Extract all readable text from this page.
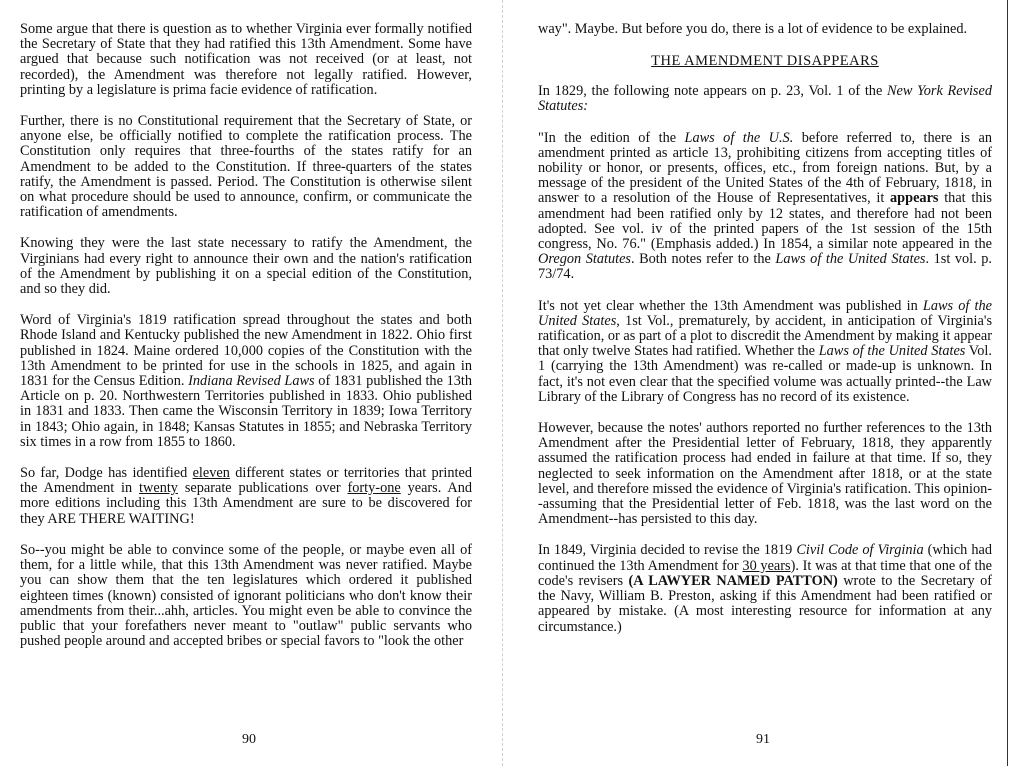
Some argue that there is question as to whether Virginia ever formally notified the Secretary of State that they had ratified this 13th Amendment. Some have argued that because such notification was not received (or at least, not recorded), the Amendment was therefore not legally ratified. However, printing by a legislature is prima facie evidence of ratification.

Further, there is no Constitutional requirement that the Secretary of State, or anyone else, be officially notified to complete the ratification process. The Constitution only requires that three-fourths of the states ratify for an Amendment to be added to the Constitution. If three-quarters of the states ratify, the Amendment is passed. Period. The Constitution is otherwise silent on what procedure should be used to announce, confirm, or communicate the ratification of amendments.

Knowing they were the last state necessary to ratify the Amendment, the Virginians had every right to announce their own and the nation's ratification of the Amendment by publishing it on a special edition of the Constitution, and so they did.

Word of Virginia's 1819 ratification spread throughout the states and both Rhode Island and Kentucky published the new Amendment in 1822. Ohio first published in 1824. Maine ordered 10,000 copies of the Constitution with the 13th Amendment to be printed for use in the schools in 1825, and again in 1831 for the Census Edition. Indiana Revised Laws of 1831 published the 13th Article on p. 20. Northwestern Territories published in 1833. Ohio published in 1831 and 1833. Then came the Wisconsin Territory in 1839; Iowa Territory in 1843; Ohio again, in 1848; Kansas Statutes in 1855; and Nebraska Territory six times in a row from 1855 to 1860.

So far, Dodge has identified eleven different states or territories that printed the Amendment in twenty separate publications over forty-one years. And more editions including this 13th Amendment are sure to be discovered for they ARE THERE WAITING!

So--you might be able to convince some of the people, or maybe even all of them, for a little while, that this 13th Amendment was never ratified. Maybe you can show them that the ten legislatures which ordered it published eighteen times (known) consisted of ignorant politicians who don't know their amendments from their...ahh, articles. You might even be able to convince the public that your forefathers never meant to "outlaw" public servants who pushed people around and accepted bribes or special favors to "look the other

90

way". Maybe. But before you do, there is a lot of evidence to be explained.

THE AMENDMENT DISAPPEARS

In 1829, the following note appears on p. 23, Vol. 1 of the New York Revised Statutes:

"In the edition of the Laws of the U.S. before referred to, there is an amendment printed as article 13, prohibiting citizens from accepting titles of nobility or honor, or presents, offices, etc., from foreign nations. But, by a message of the president of the United States of the 4th of February, 1818, in answer to a resolution of the House of Representatives, it appears that this amendment had been ratified only by 12 states, and therefore had not been adopted. See vol. iv of the printed papers of the 1st session of the 15th congress, No. 76." (Emphasis added.) In 1854, a similar note appeared in the Oregon Statutes. Both notes refer to the Laws of the United States. 1st vol. p. 73/74.

It's not yet clear whether the 13th Amendment was published in Laws of the United States, 1st Vol., prematurely, by accident, in anticipation of Virginia's ratification, or as part of a plot to discredit the Amendment by making it appear that only twelve States had ratified. Whether the Laws of the United States Vol. 1 (carrying the 13th Amendment) was re-called or made-up is unknown. In fact, it's not even clear that the specified volume was actually printed--the Law Library of the Library of Congress has no record of its existence.

However, because the notes' authors reported no further references to the 13th Amendment after the Presidential letter of February, 1818, they apparently assumed the ratification process had ended in failure at that time. If so, they neglected to seek information on the Amendment after 1818, or at the state level, and therefore missed the evidence of Virginia's ratification. This opinion--assuming that the Presidential letter of Feb. 1818, was the last word on the Amendment--has persisted to this day.

In 1849, Virginia decided to revise the 1819 Civil Code of Virginia (which had continued the 13th Amendment for 30 years). It was at that time that one of the code's revisers (A LAWYER NAMED PATTON) wrote to the Secretary of the Navy, William B. Preston, asking if this Amendment had been ratified or appeared by mistake. (A most interesting resource for information at any circumstance.)

91
